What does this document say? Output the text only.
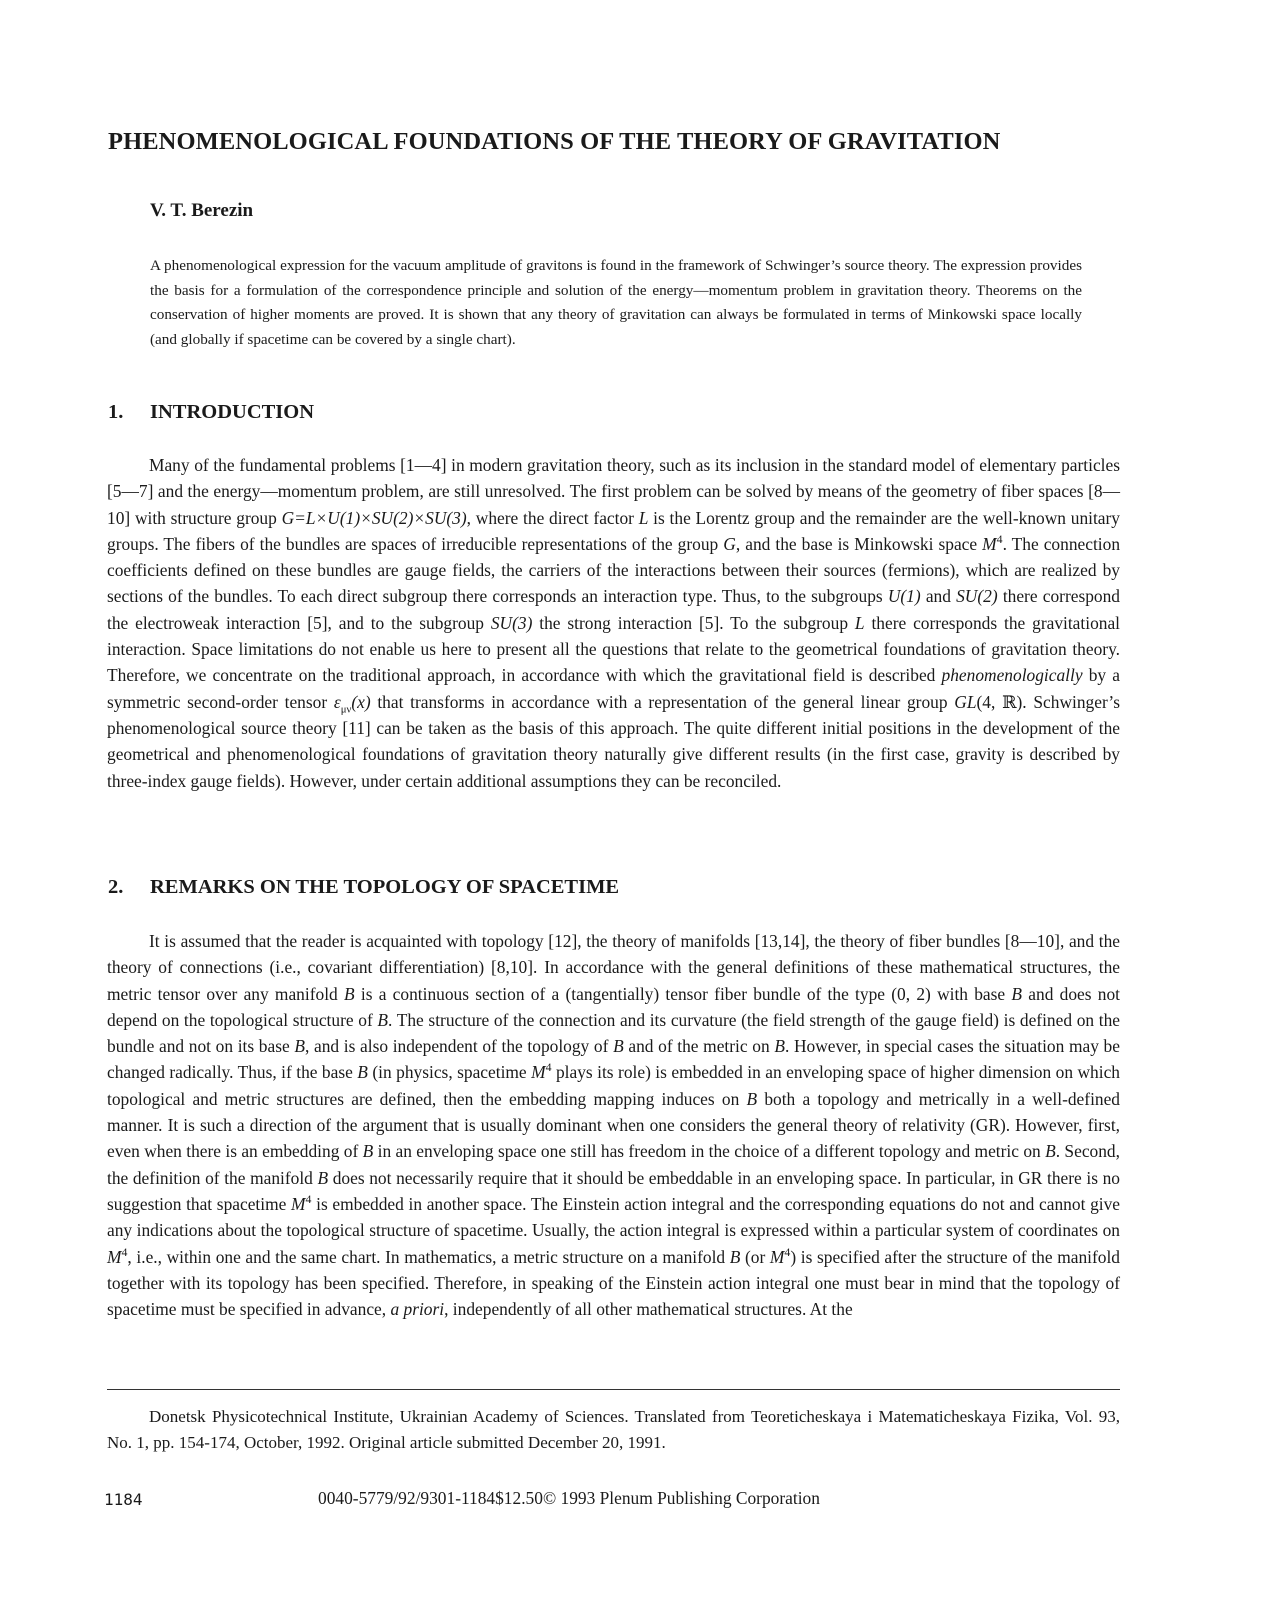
PHENOMENOLOGICAL FOUNDATIONS OF THE THEORY OF GRAVITATION
V. T. Berezin

A phenomenological expression for the vacuum amplitude of gravitons is found in the framework of Schwinger’s source theory. The expression provides the basis for a formulation of the correspondence principle and solution of the energy—momentum problem in gravitation theory. Theorems on the conservation of higher moments are proved. It is shown that any theory of gravitation can always be formulated in terms of Minkowski space locally (and globally if spacetime can be covered by a single chart).

1. INTRODUCTION

Many of the fundamental problems [1—4] in modern gravitation theory, such as its inclusion in the standard model of elementary particles [5—7] and the energy—momentum problem, are still unresolved. The first problem can be solved by means of the geometry of fiber spaces [8—10] with structure group G=L×U(1)×SU(2)×SU(3), where the direct factor L is the Lorentz group and the remainder are the well-known unitary groups. The fibers of the bundles are spaces of irreducible representations of the group G, and the base is Minkowski space $M^4$. The connection coefficients defined on these bundles are gauge fields, the carriers of the interactions between their sources (fermions), which are realized by sections of the bundles. To each direct subgroup there corresponds an interaction type. Thus, to the subgroups U(1) and SU(2) there correspond the electroweak interaction [5], and to the subgroup SU(3) the strong interaction [5]. To the subgroup L there corresponds the gravitational interaction. Space limitations do not enable us here to present all the questions that relate to the geometrical foundations of gravitation theory. Therefore, we concentrate on the traditional approach, in accordance with which the gravitational field is described phenomenologically by a symmetric second-order tensor $\varepsilon_{\mu\nu}(x)$ that transforms in accordance with a representation of the general linear group GL(4, ℝ). Schwinger’s phenomenological source theory [11] can be taken as the basis of this approach. The quite different initial positions in the development of the geometrical and phenomenological foundations of gravitation theory naturally give different results (in the first case, gravity is described by three-index gauge fields). However, under certain additional assumptions they can be reconciled.

2. REMARKS ON THE TOPOLOGY OF SPACETIME

It is assumed that the reader is acquainted with topology [12], the theory of manifolds [13,14], the theory of fiber bundles [8—10], and the theory of connections (i.e., covariant differentiation) [8,10]. In accordance with the general definitions of these mathematical structures, the metric tensor over any manifold B is a continuous section of a (tangentially) tensor fiber bundle of the type (0, 2) with base B and does not depend on the topological structure of B. The structure of the connection and its curvature (the field strength of the gauge field) is defined on the bundle and not on its base B, and is also independent of the topology of B and of the metric on B. However, in special cases the situation may be changed radically. Thus, if the base B (in physics, spacetime $M^4$ plays its role) is embedded in an enveloping space of higher dimension on which topological and metric structures are defined, then the embedding mapping induces on B both a topology and metrically in a well-defined manner. It is such a direction of the argument that is usually dominant when one considers the general theory of relativity (GR). However, first, even when there is an embedding of B in an enveloping space one still has freedom in the choice of a different topology and metric on B. Second, the definition of the manifold B does not necessarily require that it should be embeddable in an enveloping space. In particular, in GR there is no suggestion that spacetime $M^4$ is embedded in another space. The Einstein action integral and the corresponding equations do not and cannot give any indications about the topological structure of spacetime. Usually, the action integral is expressed within a particular system of coordinates on $M^4$, i.e., within one and the same chart. In mathematics, a metric structure on a manifold B (or $M^4$) is specified after the structure of the manifold together with its topology has been specified. Therefore, in speaking of the Einstein action integral one must bear in mind that the topology of spacetime must be specified in advance, a priori, independently of all other mathematical structures. At the

Donetsk Physicotechnical Institute, Ukrainian Academy of Sciences. Translated from Teoreticheskaya i Matematicheskaya Fizika, Vol. 93, No. 1, pp. 154-174, October, 1992. Original article submitted December 20, 1991.

1184	0040-5779/92/9301-1184$12.50© 1993 Plenum Publishing Corporation
